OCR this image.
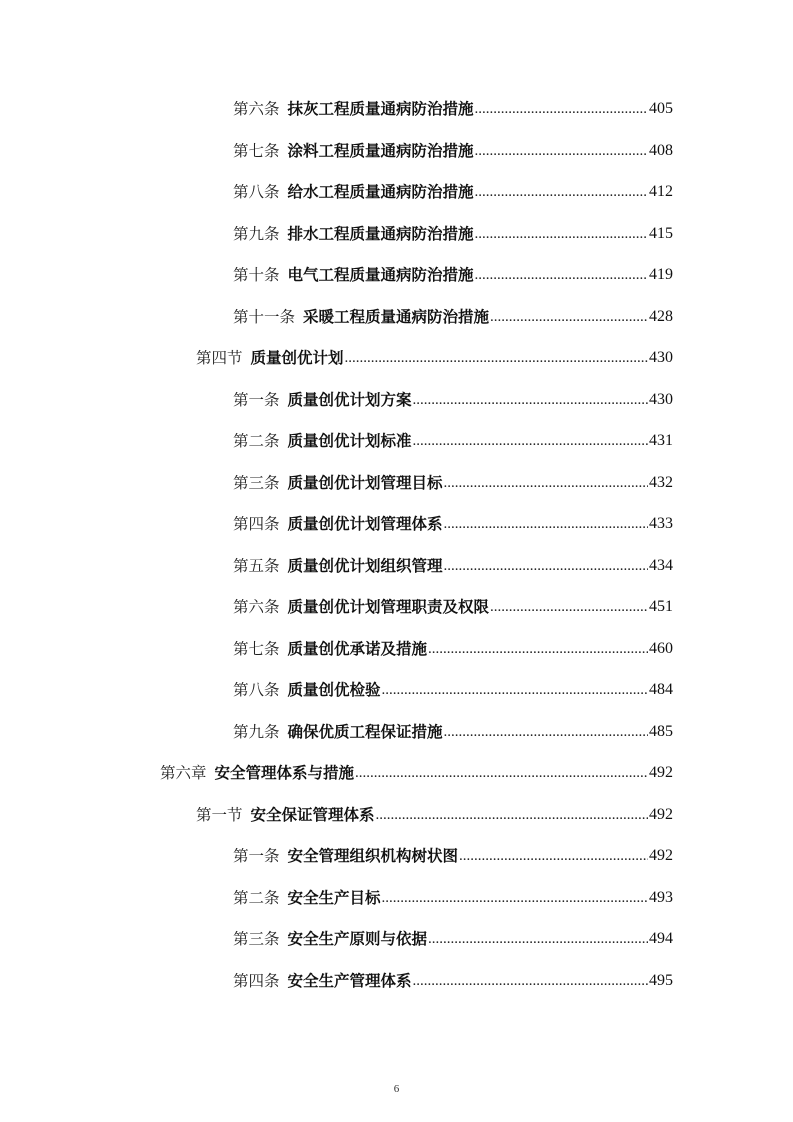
第六条 抹灰工程质量通病防治措施 .....	405
第七条 涂料工程质量通病防治措施 .....	408
第八条 给水工程质量通病防治措施 .....	412
第九条 排水工程质量通病防治措施 .....	415
第十条 电气工程质量通病防治措施 .....	419
第十一条 采暖工程质量通病防治措施 .....	428
第四节 质量创优计划 .....	430
第一条 质量创优计划方案 .....	430
第二条 质量创优计划标准 .....	431
第三条 质量创优计划管理目标 .....	432
第四条 质量创优计划管理体系 .....	433
第五条 质量创优计划组织管理 .....	434
第六条 质量创优计划管理职责及权限 .....	451
第七条 质量创优承诺及措施 .....	460
第八条 质量创优检验 .....	484
第九条 确保优质工程保证措施 .....	485
第六章 安全管理体系与措施 .....	492
第一节 安全保证管理体系 .....	492
第一条 安全管理组织机构树状图 .....	492
第二条 安全生产目标 .....	493
第三条 安全生产原则与依据 .....	494
第四条 安全生产管理体系 .....	495
6
